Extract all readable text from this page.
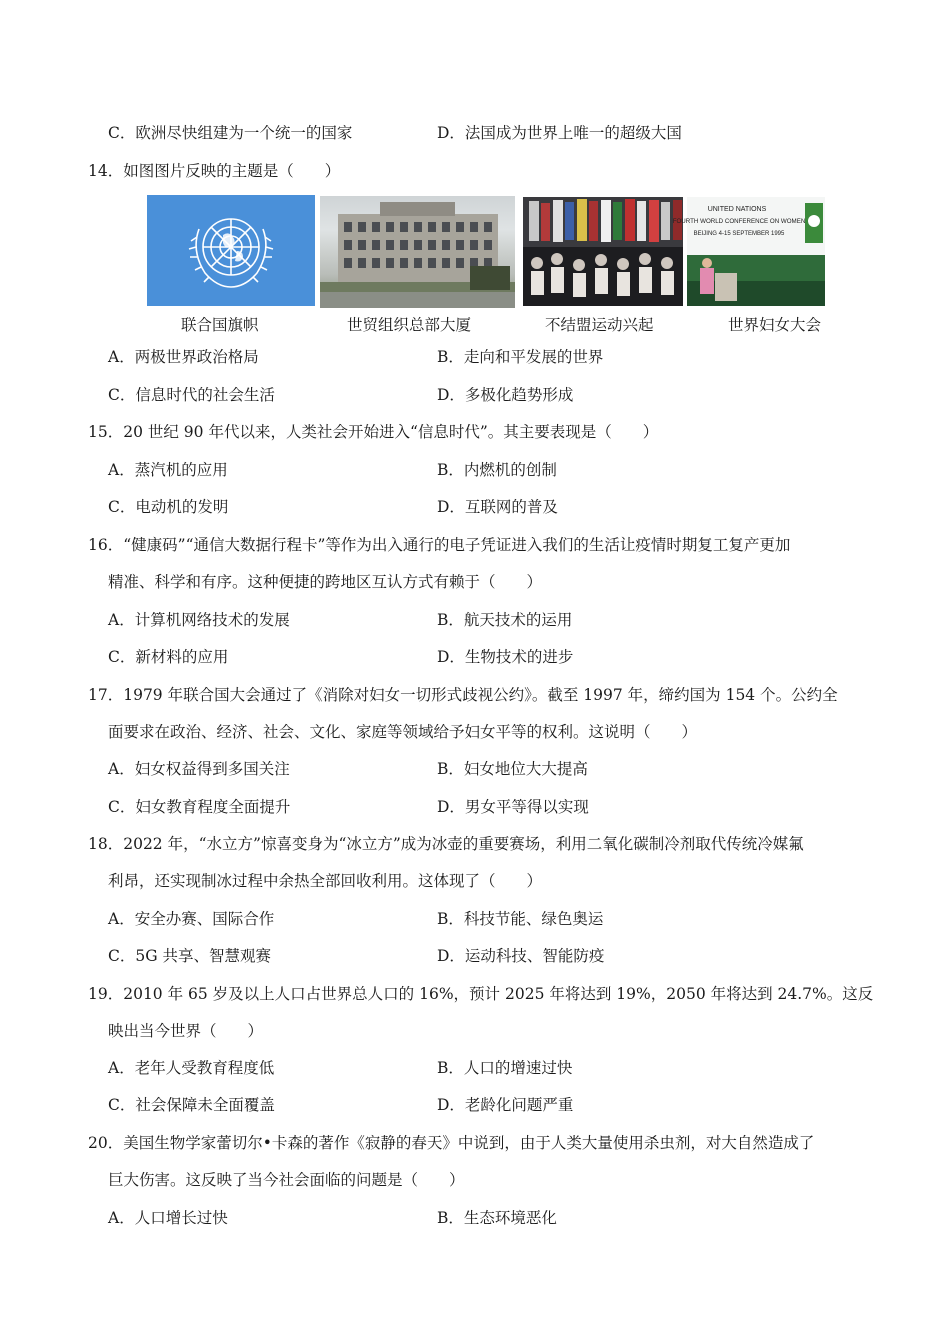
C．欧洲尽快组建为一个统一的国家	D．法国成为世界上唯一的超级大国
14．如图图片反映的主题是（　　）
UNITED NATIONS
FOURTH WORLD CONFERENCE ON WOMEN
BEIJING 4-15 SEPTEMBER 1995
联合国旗帜	世贸组织总部大厦	不结盟运动兴起	世界妇女大会
A．两极世界政治格局	B．走向和平发展的世界
C．信息时代的社会生活	D．多极化趋势形成
15．20 世纪 90 年代以来，人类社会开始进入“信息时代”。其主要表现是（　　）
A．蒸汽机的应用	B．内燃机的创制
C．电动机的发明	D．互联网的普及
16．“健康码”“通信大数据行程卡”等作为出入通行的电子凭证进入我们的生活让疫情时期复工复产更加
精准、科学和有序。这种便捷的跨地区互认方式有赖于（　　）
A．计算机网络技术的发展	B．航天技术的运用
C．新材料的应用	D．生物技术的进步
17．1979 年联合国大会通过了《消除对妇女一切形式歧视公约》。截至 1997 年，缔约国为 154 个。公约全
面要求在政治、经济、社会、文化、家庭等领域给予妇女平等的权利。这说明（　　）
A．妇女权益得到多国关注	B．妇女地位大大提高
C．妇女教育程度全面提升	D．男女平等得以实现
18．2022 年，“水立方”惊喜变身为“冰立方”成为冰壶的重要赛场，利用二氧化碳制冷剂取代传统冷媒氟
利昂，还实现制冰过程中余热全部回收利用。这体现了（　　）
A．安全办赛、国际合作	B．科技节能、绿色奥运
C．5G 共享、智慧观赛	D．运动科技、智能防疫
19．2010 年 65 岁及以上人口占世界总人口的 16%，预计 2025 年将达到 19%，2050 年将达到 24.7%。这反
映出当今世界（　　）
A．老年人受教育程度低	B．人口的增速过快
C．社会保障未全面覆盖	D．老龄化问题严重
20．美国生物学家蕾切尔•卡森的著作《寂静的春天》中说到，由于人类大量使用杀虫剂，对大自然造成了
巨大伤害。这反映了当今社会面临的问题是（　　）
A．人口增长过快	B．生态环境恶化
